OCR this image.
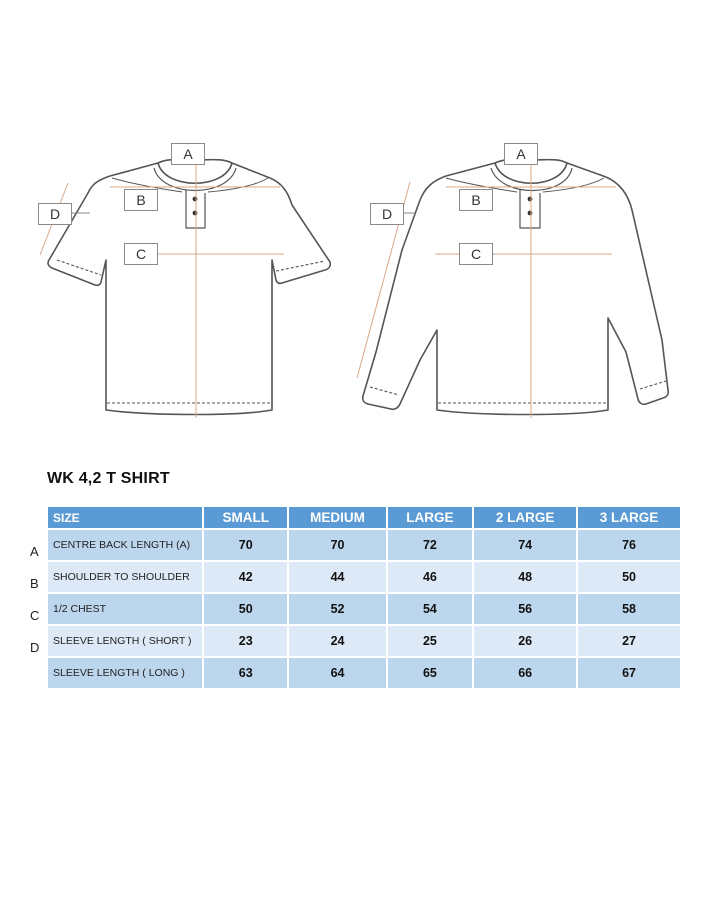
A
B
C
D
A
B
C
D
WK 4,2 T SHIRT
A
B
C
D
SIZE	SMALL	MEDIUM	LARGE	2 LARGE	3 LARGE
CENTRE BACK LENGTH (A)	70	70	72	74	76
SHOULDER TO SHOULDER	42	44	46	48	50
1/2 CHEST	50	52	54	56	58
SLEEVE LENGTH ( SHORT )	23	24	25	26	27
SLEEVE LENGTH ( LONG )	63	64	65	66	67
